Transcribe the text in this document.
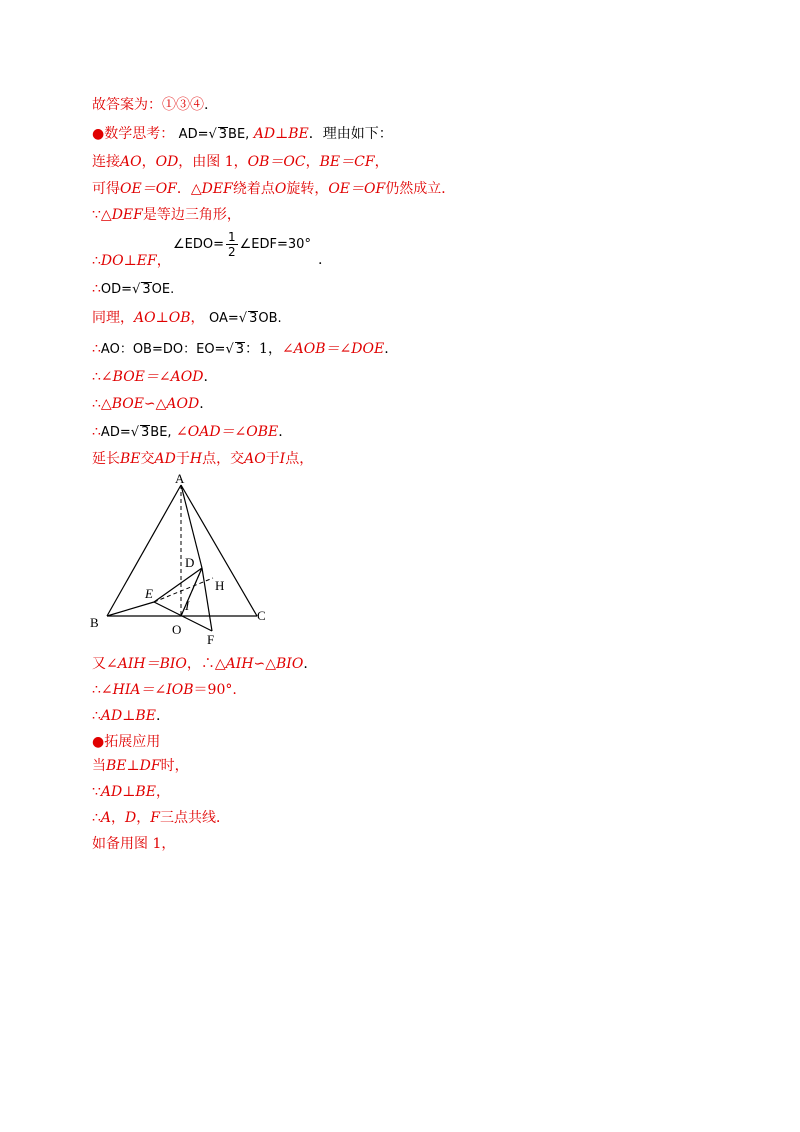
故答案为：①③④.
●数学思考： AD=√ 3BE, AD⊥BE．理由如下：
连接AO，OD，由图 1，OB＝OC，BE＝CF，
可得OE＝OF．△DEF绕着点O旋转，OE＝OF仍然成立．
∵△DEF是等边三角形，
∴DO⊥EF，
∠EDO= $\frac{1}{2}$ ∠EDF=30°
.
∴OD=√ 3OE.
同理，AO⊥OB， OA=√ 3OB.
∴AO：OB=DO：EO=√ 3：1，∠AOB＝∠DOE.
∴∠BOE＝∠AOD.
∴△BOE∽△AOD.
∴AD=√ 3BE, ∠OAD＝∠OBE.
延长BE交AD于H点，交AO于I点，
A
B	C
D
E
F
H
I
O
又∠AIH＝BIO，∴△AIH∽△BIO.
∴∠HIA＝∠IOB＝90°.
∴AD⊥BE.
●拓展应用
当BE⊥DF时，
∵AD⊥BE，
∴A，D，F三点共线．
如备用图 1，
